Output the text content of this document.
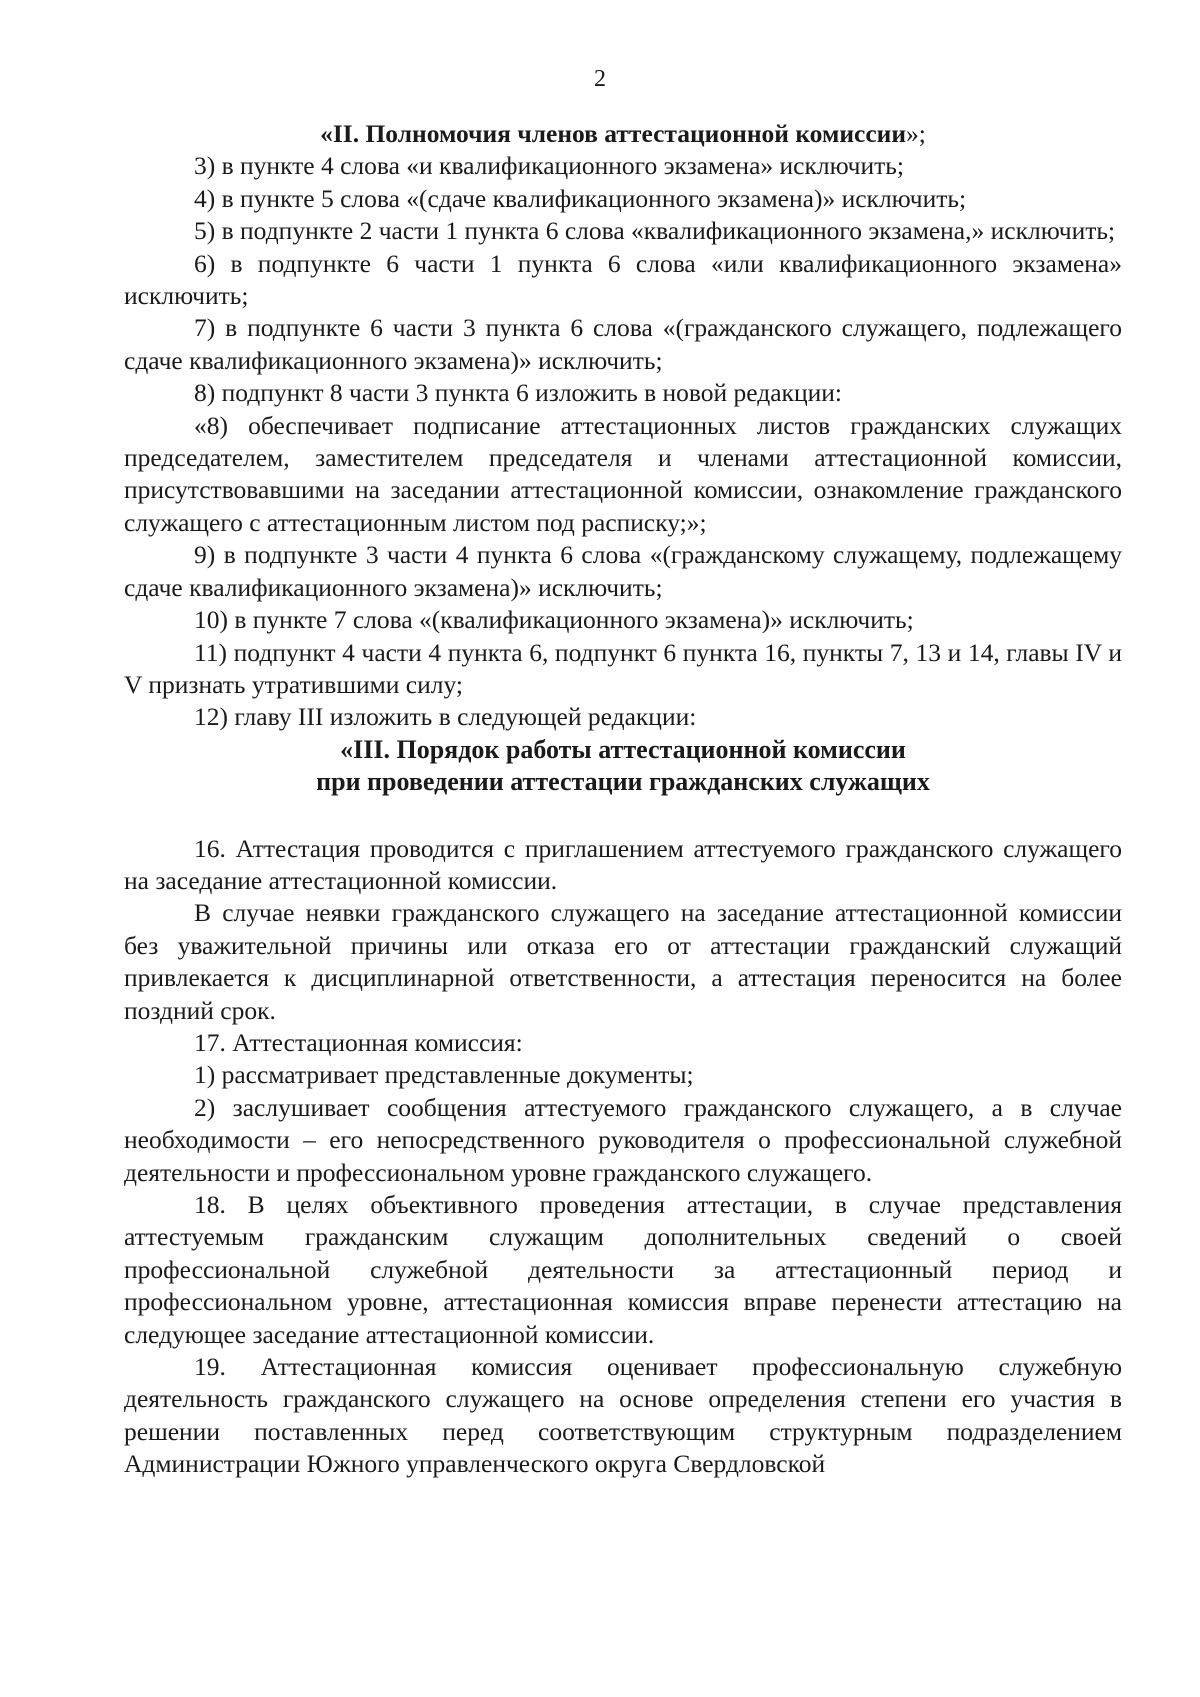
2

«II. Полномочия членов аттестационной комиссии»;

3) в пункте 4 слова «и квалификационного экзамена» исключить;

4) в пункте 5 слова «(сдаче квалификационного экзамена)» исключить;

5) в подпункте 2 части 1 пункта 6 слова «квалификационного экзамена,» исключить;

6) в подпункте 6 части 1 пункта 6 слова «или квалификационного экзамена» исключить;

7) в подпункте 6 части 3 пункта 6 слова «(гражданского служащего, подлежащего сдаче квалификационного экзамена)» исключить;

8) подпункт 8 части 3 пункта 6 изложить в новой редакции:

«8) обеспечивает подписание аттестационных листов гражданских служащих председателем, заместителем председателя и членами аттестационной комиссии, присутствовавшими на заседании аттестационной комиссии, ознакомление гражданского служащего с аттестационным листом под расписку;»;

9) в подпункте 3 части 4 пункта 6 слова «(гражданскому служащему, подлежащему сдаче квалификационного экзамена)» исключить;

10) в пункте 7 слова «(квалификационного экзамена)» исключить;

11) подпункт 4 части 4 пункта 6, подпункт 6 пункта 16, пункты 7, 13 и 14, главы IV и V признать утратившими силу;

12) главу III изложить в следующей редакции:

«III. Порядок работы аттестационной комиссии

при проведении аттестации гражданских служащих

16. Аттестация проводится с приглашением аттестуемого гражданского служащего на заседание аттестационной комиссии.

В случае неявки гражданского служащего на заседание аттестационной комиссии без уважительной причины или отказа его от аттестации гражданский служащий привлекается к дисциплинарной ответственности, а аттестация переносится на более поздний срок.

17. Аттестационная комиссия:

1) рассматривает представленные документы;

2) заслушивает сообщения аттестуемого гражданского служащего, а в случае необходимости – его непосредственного руководителя о профессиональной служебной деятельности и профессиональном уровне гражданского служащего.

18. В целях объективного проведения аттестации, в случае представления аттестуемым гражданским служащим дополнительных сведений о своей профессиональной служебной деятельности за аттестационный период и профессиональном уровне, аттестационная комиссия вправе перенести аттестацию на следующее заседание аттестационной комиссии.

19. Аттестационная комиссия оценивает профессиональную служебную деятельность гражданского служащего на основе определения степени его участия в решении поставленных перед соответствующим структурным подразделением Администрации Южного управленческого округа Свердловской
